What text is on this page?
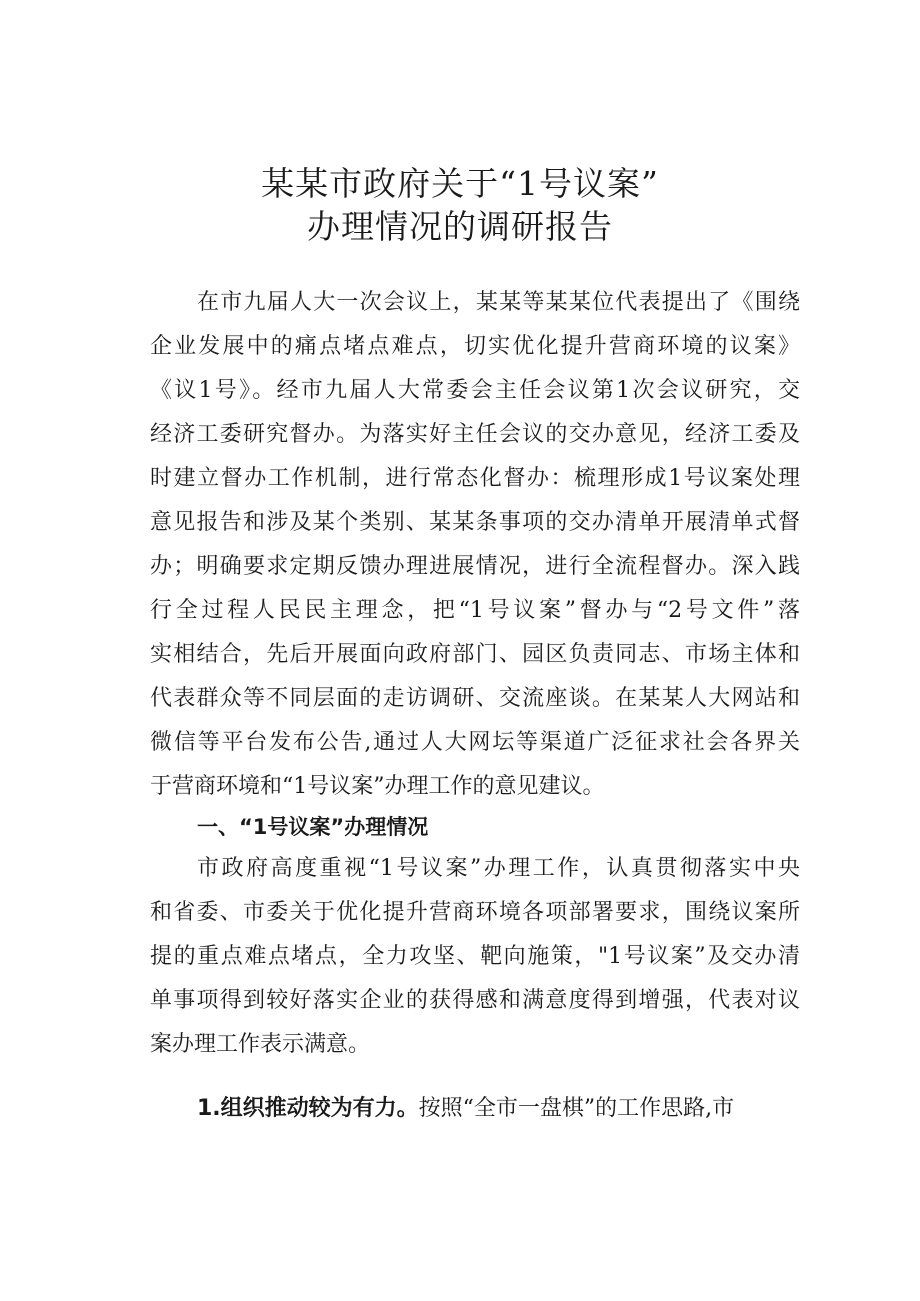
某某市政府关于“1号议案”
办理情况的调研报告

在市九届人大一次会议上，某某等某某位代表提出了《围绕

企业发展中的痛点堵点难点，切实优化提升营商环境的议案》

《议1号》。经市九届人大常委会主任会议第1次会议研究，交

经济工委研究督办。为落实好主任会议的交办意见，经济工委及

时建立督办工作机制，进行常态化督办：梳理形成1号议案处理

意见报告和涉及某个类别、某某条事项的交办清单开展清单式督

办；明确要求定期反馈办理进展情况，进行全流程督办。深入践

行全过程人民民主理念，把“1号议案”督办与“2号文件”落

实相结合，先后开展面向政府部门、园区负责同志、市场主体和

代表群众等不同层面的走访调研、交流座谈。在某某人大网站和

微信等平台发布公告,通过人大网坛等渠道广泛征求社会各界关

于营商环境和“1号议案”办理工作的意见建议。

一、“1号议案”办理情况

市政府高度重视“1号议案”办理工作，认真贯彻落实中央

和省委、市委关于优化提升营商环境各项部署要求，围绕议案所

提的重点难点堵点，全力攻坚、靶向施策，"1号议案”及交办清

单事项得到较好落实企业的获得感和满意度得到增强，代表对议

案办理工作表示满意。

1.组织推动较为有力。按照“全市一盘棋”的工作思路,市
